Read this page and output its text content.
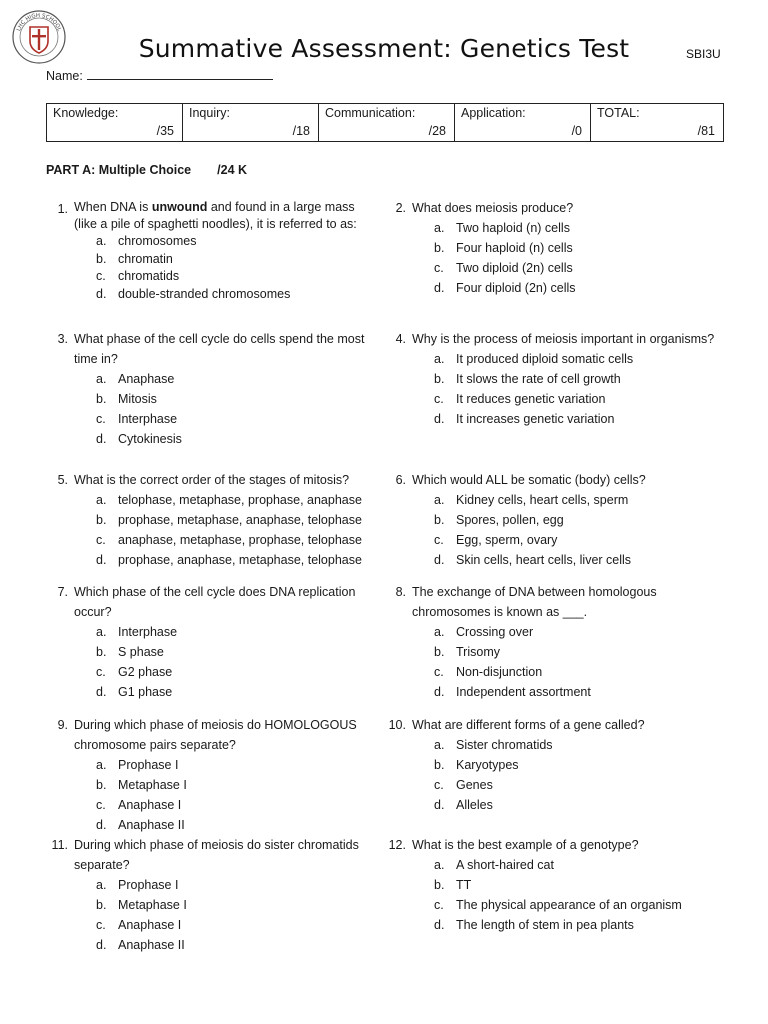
LHC HIGH SCHOOL
Summative Assessment: Genetics Test	SBI3U
Name:
Knowledge:
/35
Inquiry:
/18
Communication:
/28
Application:
/0
TOTAL:
/81
PART A: Multiple Choice /24 K
1. When DNA is unwound and found in a large mass (like a pile of spaghetti noodles), it is referred to as:
a. chromosomes
b. chromatin
c. chromatids
d. double-stranded chromosomes
2. What does meiosis produce?
a. Two haploid (n) cells
b. Four haploid (n) cells
c. Two diploid (2n) cells
d. Four diploid (2n) cells
3. What phase of the cell cycle do cells spend the most time in?
a. Anaphase
b. Mitosis
c. Interphase
d. Cytokinesis
4. Why is the process of meiosis important in organisms?
a. It produced diploid somatic cells
b. It slows the rate of cell growth
c. It reduces genetic variation
d. It increases genetic variation
5. What is the correct order of the stages of mitosis?
a. telophase, metaphase, prophase, anaphase
b. prophase, metaphase, anaphase, telophase
c. anaphase, metaphase, prophase, telophase
d. prophase, anaphase, metaphase, telophase
6. Which would ALL be somatic (body) cells?
a. Kidney cells, heart cells, sperm
b. Spores, pollen, egg
c. Egg, sperm, ovary
d. Skin cells, heart cells, liver cells
7. Which phase of the cell cycle does DNA replication occur?
a. Interphase
b. S phase
c. G2 phase
d. G1 phase
8. The exchange of DNA between homologous chromosomes is known as ___.
a. Crossing over
b. Trisomy
c. Non-disjunction
d. Independent assortment
9. During which phase of meiosis do HOMOLOGOUS chromosome pairs separate?
a. Prophase I
b. Metaphase I
c. Anaphase I
d. Anaphase II
10. What are different forms of a gene called?
a. Sister chromatids
b. Karyotypes
c. Genes
d. Alleles
11. During which phase of meiosis do sister chromatids separate?
a. Prophase I
b. Metaphase I
c. Anaphase I
d. Anaphase II
12. What is the best example of a genotype?
a. A short-haired cat
b. TT
c. The physical appearance of an organism
d. The length of stem in pea plants
